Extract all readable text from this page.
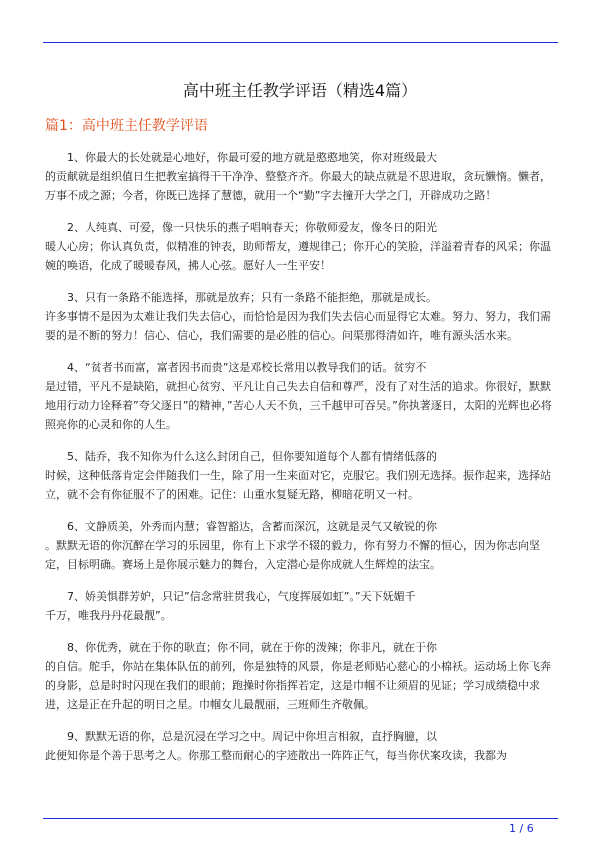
高中班主任教学评语（精选4篇）
篇1：高中班主任教学评语

1、你最大的长处就是心地好，你最可爱的地方就是憨憨地笑，你对班级最大
的贡献就是组织值日生把教室搞得干干净净、整整齐齐。你最大的缺点就是不思进取，贪玩懒惰。懒者，万事不成之源；今者，你既已选择了慧德，就用一个“勤”字去撞开大学之门，开辟成功之路！

2、人纯真、可爱，像一只快乐的燕子唱响春天；你敬师爱友，像冬日的阳光
暖人心房；你认真负责，似精准的钟表，助师帮友，遵规律己；你开心的笑脸，洋溢着青春的风采；你温婉的唤语，化成了暖暖春风，拂人心弦。愿好人一生平安！

3、只有一条路不能选择，那就是放弃；只有一条路不能拒绝，那就是成长。
许多事情不是因为太难让我们失去信心，而恰恰是因为我们失去信心而显得它太难。努力、努力，我们需要的是不断的努力！信心、信心，我们需要的是必胜的信心。问渠那得清如许，唯有源头活水来。

4、“贫者书而富，富者因书而贵”这是邓校长常用以教导我们的话。贫穷不
是过错，平凡不是缺陷，就担心贫穷、平凡让自己失去自信和尊严，没有了对生活的追求。你很好，默默地用行动力诠释着”夸父逐日”的精神，”苦心人天不负，三千越甲可吞吴。”你执著逐日，太阳的光辉也必将照亮你的心灵和你的人生。

5、陆乔，我不知你为什么这么封闭自己，但你要知道每个人都有情绪低落的
时候，这种低落肯定会伴随我们一生，除了用一生来面对它，克服它。我们别无选择。振作起来，选择站立，就不会有你征服不了的困难。记住：山重水复疑无路，柳暗花明又一村。

6、文静质美，外秀而内慧；睿智豁达，含蓄而深沉，这就是灵气又敏锐的你
。默默无语的你沉醉在学习的乐园里，你有上下求学不辍的毅力，你有努力不懈的恒心，因为你志向坚定，目标明确。赛场上是你展示魅力的舞台，入定潜心是你成就人生辉煌的法宝。

7、娇美惧群芳妒，只记”信念常驻贯我心，气度挥展如虹”。”天下妩媚千
千万，唯我丹丹花最靓”。

8、你优秀，就在于你的耿直；你不同，就在于你的泼辣；你非凡，就在于你
的自信。舵手，你站在集体队伍的前列，你是独特的风景，你是老师贴心慈心的小棉袄。运动场上你飞奔的身影，总是时时闪现在我们的眼前；跑操时你指挥若定，这是巾帼不让须眉的见证；学习成绩稳中求进，这是正在升起的明日之星。巾帼女儿最靓丽，三班师生齐敬佩。

9、默默无语的你，总是沉浸在学习之中。周记中你坦言相叙，直抒胸臆，以
此便知你是个善于思考之人。你那工整而耐心的字迹散出一阵阵正气，每当你伏案攻读，我都为

1 / 6
